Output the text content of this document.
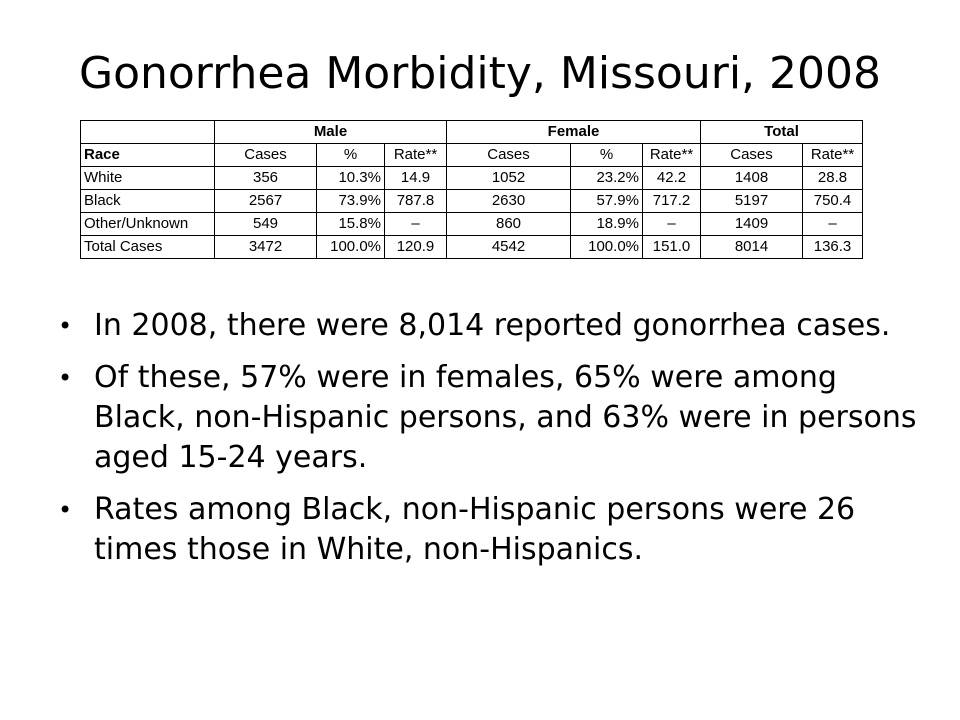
Gonorrhea Morbidity, Missouri, 2008
	Male			Female			Total	
Race	Cases	%	Rate**	Cases	%	Rate**	Cases	Rate**
White	356	10.3%	14.9	1052	23.2%	42.2	1408	28.8
Black	2567	73.9%	787.8	2630	57.9%	717.2	5197	750.4
Other/Unknown	549	15.8%	–	860	18.9%	–	1409	–
Total Cases	3472	100.0%	120.9	4542	100.0%	151.0	8014	136.3
• In 2008, there were 8,014 reported gonorrhea cases.
• Of these, 57% were in females, 65% were among Black, non-Hispanic persons, and 63% were in persons aged 15-24 years.
• Rates among Black, non-Hispanic persons were 26 times those in White, non-Hispanics.
